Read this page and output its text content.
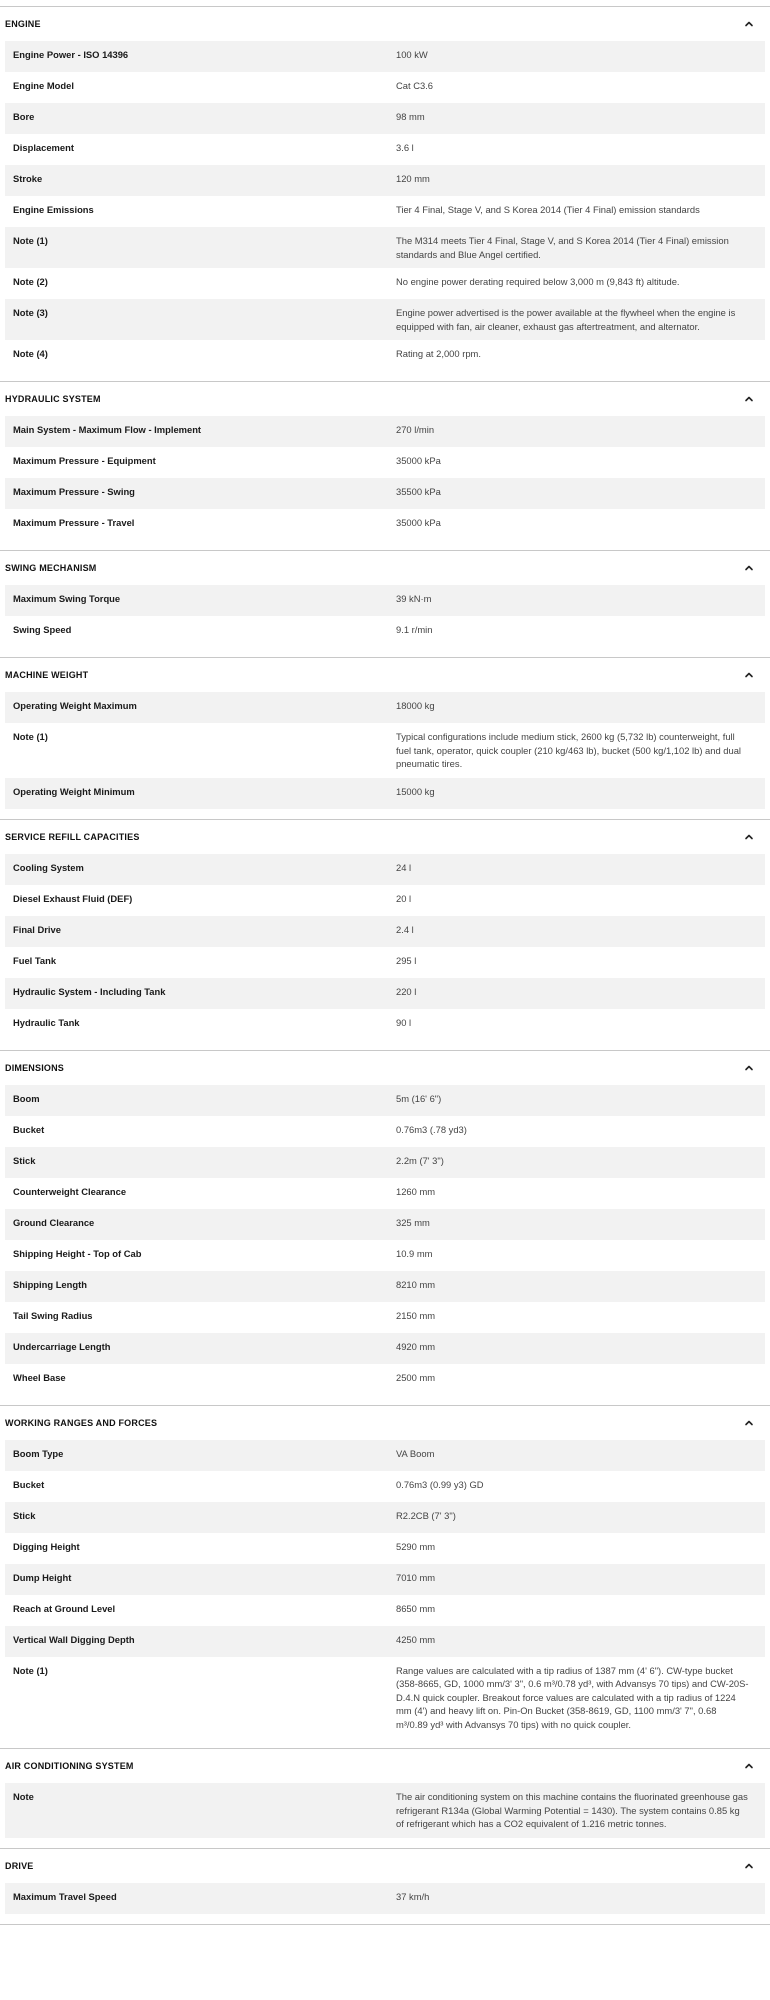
ENGINE
Engine Power - ISO 14396	100 kW
Engine Model	Cat C3.6
Bore	98 mm
Displacement	3.6 l
Stroke	120 mm
Engine Emissions	Tier 4 Final, Stage V, and S Korea 2014 (Tier 4 Final) emission standards
Note (1)	The M314 meets Tier 4 Final, Stage V, and S Korea 2014 (Tier 4 Final) emission standards and Blue Angel certified.
Note (2)	No engine power derating required below 3,000 m (9,843 ft) altitude.
Note (3)	Engine power advertised is the power available at the flywheel when the engine is equipped with fan, air cleaner, exhaust gas aftertreatment, and alternator.
Note (4)	Rating at 2,000 rpm.
HYDRAULIC SYSTEM
Main System - Maximum Flow - Implement	270 l/min
Maximum Pressure - Equipment	35000 kPa
Maximum Pressure - Swing	35500 kPa
Maximum Pressure - Travel	35000 kPa
SWING MECHANISM
Maximum Swing Torque	39 kN·m
Swing Speed	9.1 r/min
MACHINE WEIGHT
Operating Weight Maximum	18000 kg
Note (1)	Typical configurations include medium stick, 2600 kg (5,732 lb) counterweight, full fuel tank, operator, quick coupler (210 kg/463 lb), bucket (500 kg/1,102 lb) and dual pneumatic tires.
Operating Weight Minimum	15000 kg
SERVICE REFILL CAPACITIES
Cooling System	24 l
Diesel Exhaust Fluid (DEF)	20 l
Final Drive	2.4 l
Fuel Tank	295 l
Hydraulic System - Including Tank	220 l
Hydraulic Tank	90 l
DIMENSIONS
Boom	5m (16' 6")
Bucket	0.76m3 (.78 yd3)
Stick	2.2m (7' 3")
Counterweight Clearance	1260 mm
Ground Clearance	325 mm
Shipping Height - Top of Cab	10.9 mm
Shipping Length	8210 mm
Tail Swing Radius	2150 mm
Undercarriage Length	4920 mm
Wheel Base	2500 mm
WORKING RANGES AND FORCES
Boom Type	VA Boom
Bucket	0.76m3 (0.99 y3) GD
Stick	R2.2CB (7' 3")
Digging Height	5290 mm
Dump Height	7010 mm
Reach at Ground Level	8650 mm
Vertical Wall Digging Depth	4250 mm
Note (1)	Range values are calculated with a tip radius of 1387 mm (4' 6"). CW-type bucket (358-8665, GD, 1000 mm/3' 3", 0.6 m³/0.78 yd³, with Advansys 70 tips) and CW-20S-D.4.N quick coupler. Breakout force values are calculated with a tip radius of 1224 mm (4') and heavy lift on. Pin-On Bucket (358-8619, GD, 1100 mm/3' 7", 0.68 m³/0.89 yd³ with Advansys 70 tips) with no quick coupler.
AIR CONDITIONING SYSTEM
Note	The air conditioning system on this machine contains the fluorinated greenhouse gas refrigerant R134a (Global Warming Potential = 1430). The system contains 0.85 kg of refrigerant which has a CO2 equivalent of 1.216 metric tonnes.
DRIVE
Maximum Travel Speed	37 km/h
